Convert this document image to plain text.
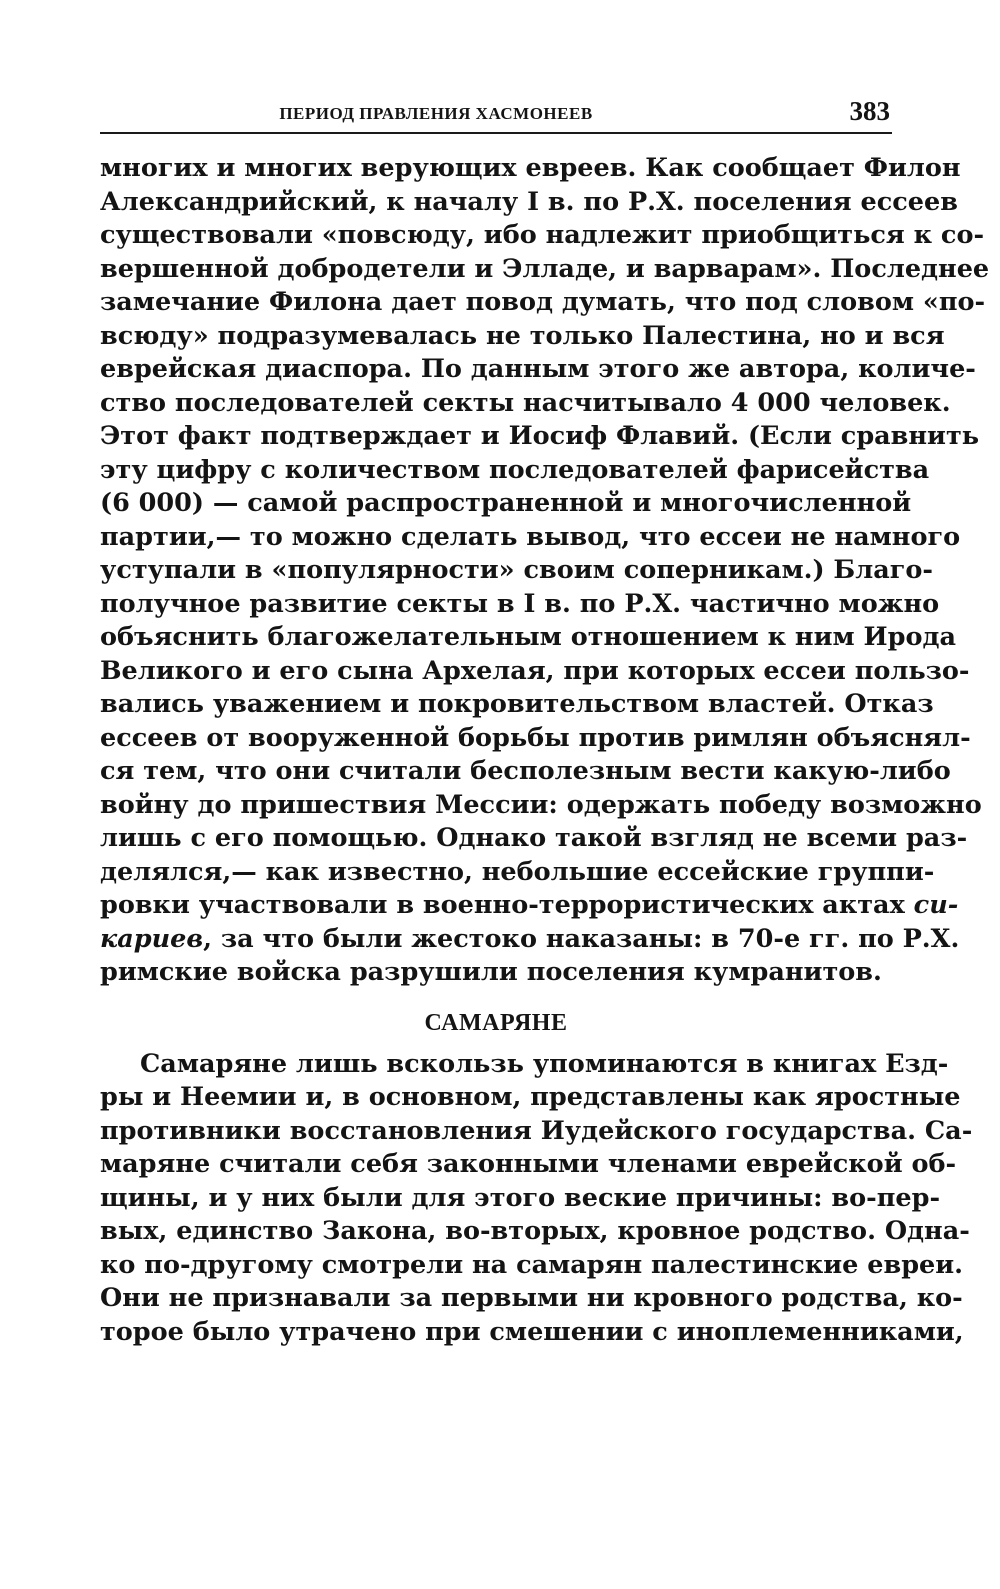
ПЕРИОД ПРАВЛЕНИЯ ХАСМОНЕЕВ	383
многих и многих верующих евреев. Как сообщает Филон
Александрийский, к началу I в. по Р.Х. поселения ессеев
существовали «повсюду, ибо надлежит приобщиться к со-
вершенной добродетели и Элладе, и варварам». Последнее
замечание Филона дает повод думать, что под словом «по-
всюду» подразумевалась не только Палестина, но и вся
еврейская диаспора. По данным этого же автора, количе-
ство последователей секты насчитывало 4 000 человек.
Этот факт подтверждает и Иосиф Флавий. (Если сравнить
эту цифру с количеством последователей фарисейства
(6 000) — самой распространенной и многочисленной
партии,— то можно сделать вывод, что ессеи не намного
уступали в «популярности» своим соперникам.) Благо-
получное развитие секты в I в. по Р.Х. частично можно
объяснить благожелательным отношением к ним Ирода
Великого и его сына Архелая, при которых ессеи пользо-
вались уважением и покровительством властей. Отказ
ессеев от вооруженной борьбы против римлян объяснял-
ся тем, что они считали бесполезным вести какую-либо
войну до пришествия Мессии: одержать победу возможно
лишь с его помощью. Однако такой взгляд не всеми раз-
делялся,— как известно, небольшие ессейские группи-
ровки участвовали в военно-террористических актах си-
кариев, за что были жестоко наказаны: в 70-е гг. по Р.Х.
римские войска разрушили поселения кумранитов.
САМАРЯНЕ
Самаряне лишь вскользь упоминаются в книгах Езд-
ры и Неемии и, в основном, представлены как яростные
противники восстановления Иудейского государства. Са-
маряне считали себя законными членами еврейской об-
щины, и у них были для этого веские причины: во-пер-
вых, единство Закона, во-вторых, кровное родство. Одна-
ко по-другому смотрели на самарян палестинские евреи.
Они не признавали за первыми ни кровного родства, ко-
торое было утрачено при смешении с иноплеменниками,
